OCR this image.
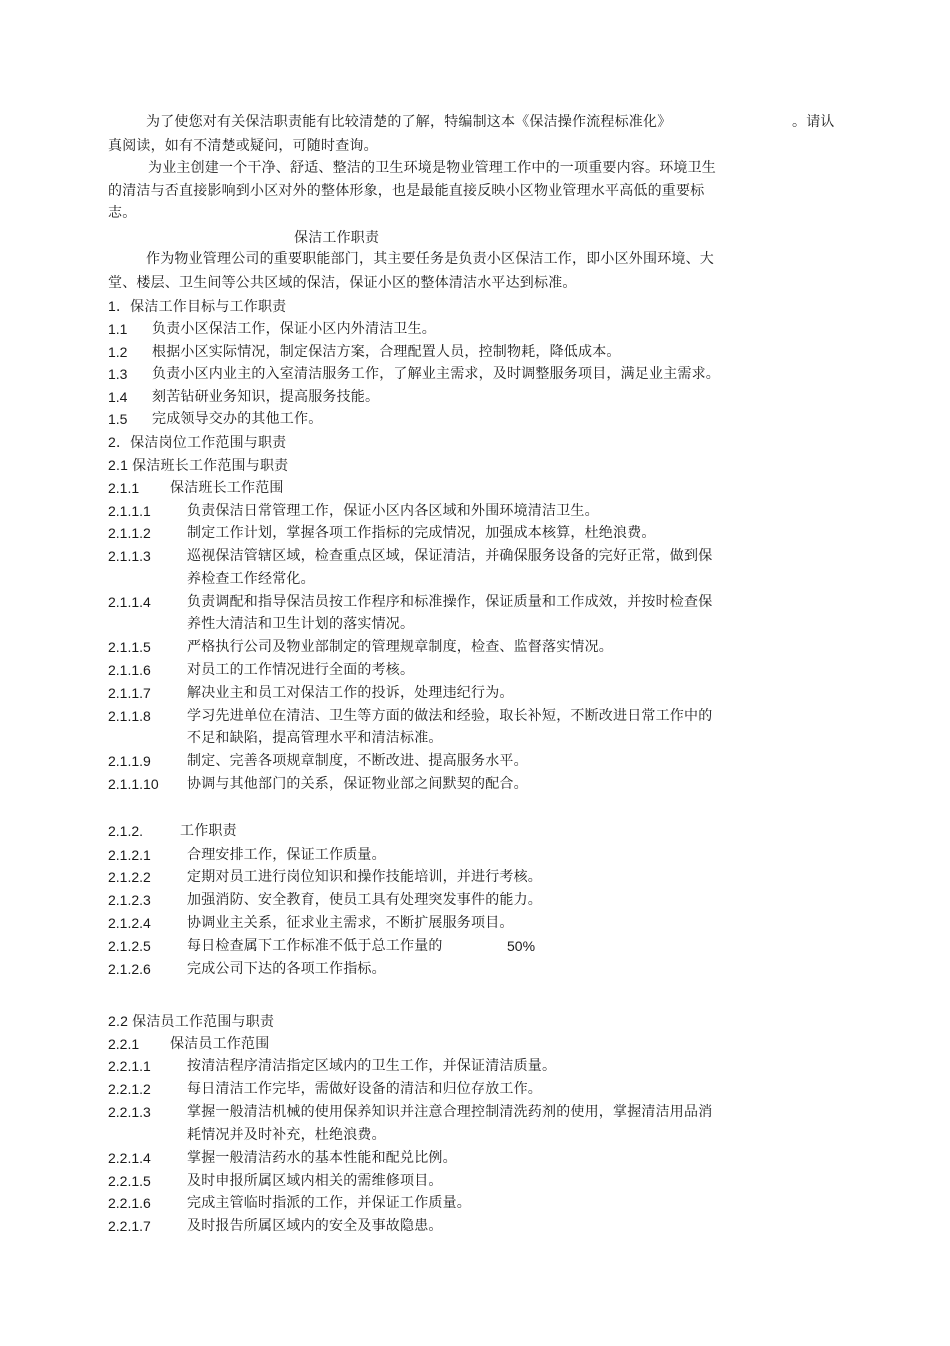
为了使您对有关保洁职责能有比较清楚的了解，特编制这本《保洁操作流程标准化》	。请认
真阅读，如有不清楚或疑问，可随时查询。
为业主创建一个干净、舒适、整洁的卫生环境是物业管理工作中的一项重要内容。环境卫生
的清洁与否直接影响到小区对外的整体形象，也是最能直接反映小区物业管理水平高低的重要标
志。
保洁工作职责
作为物业管理公司的重要职能部门，其主要任务是负责小区保洁工作，即小区外围环境、大
堂、楼层、卫生间等公共区域的保洁，保证小区的整体清洁水平达到标准。
1．保洁工作目标与工作职责
1.1 负责小区保洁工作，保证小区内外清洁卫生。
1.2 根据小区实际情况，制定保洁方案，合理配置人员，控制物耗，降低成本。
1.3 负责小区内业主的入室清洁服务工作，了解业主需求，及时调整服务项目，满足业主需求。
1.4 刻苦钻研业务知识，提高服务技能。
1.5 完成领导交办的其他工作。
2．保洁岗位工作范围与职责
2.1 保洁班长工作范围与职责
2.1.1 保洁班长工作范围
2.1.1.1	负责保洁日常管理工作，保证小区内各区域和外围环境清洁卫生。
2.1.1.2	制定工作计划，掌握各项工作指标的完成情况，加强成本核算，杜绝浪费。
2.1.1.3	巡视保洁管辖区域，检查重点区域，保证清洁，并确保服务设备的完好正常，做到保
养检查工作经常化。
2.1.1.4	负责调配和指导保洁员按工作程序和标准操作，保证质量和工作成效，并按时检查保
养性大清洁和卫生计划的落实情况。
2.1.1.5	严格执行公司及物业部制定的管理规章制度，检查、监督落实情况。
2.1.1.6	对员工的工作情况进行全面的考核。
2.1.1.7	解决业主和员工对保洁工作的投诉，处理违纪行为。
2.1.1.8	学习先进单位在清洁、卫生等方面的做法和经验，取长补短，不断改进日常工作中的
不足和缺陷，提高管理水平和清洁标准。
2.1.1.9	制定、完善各项规章制度，不断改进、提高服务水平。
2.1.1.10 协调与其他部门的关系，保证物业部之间默契的配合。
2.1.2.	工作职责
2.1.2.1	合理安排工作，保证工作质量。
2.1.2.2	定期对员工进行岗位知识和操作技能培训，并进行考核。
2.1.2.3	加强消防、安全教育，使员工具有处理突发事件的能力。
2.1.2.4	协调业主关系，征求业主需求，不断扩展服务项目。
2.1.2.5	每日检查属下工作标准不低于总工作量的	50%
2.1.2.6	完成公司下达的各项工作指标。
2.2 保洁员工作范围与职责
2.2.1 保洁员工作范围
2.2.1.1	按清洁程序清洁指定区域内的卫生工作，并保证清洁质量。
2.2.1.2	每日清洁工作完毕，需做好设备的清洁和归位存放工作。
2.2.1.3	掌握一般清洁机械的使用保养知识并注意合理控制清洗药剂的使用，掌握清洁用品消
耗情况并及时补充，杜绝浪费。
2.2.1.4	掌握一般清洁药水的基本性能和配兑比例。
2.2.1.5	及时申报所属区域内相关的需维修项目。
2.2.1.6	完成主管临时指派的工作，并保证工作质量。
2.2.1.7	及时报告所属区域内的安全及事故隐患。
